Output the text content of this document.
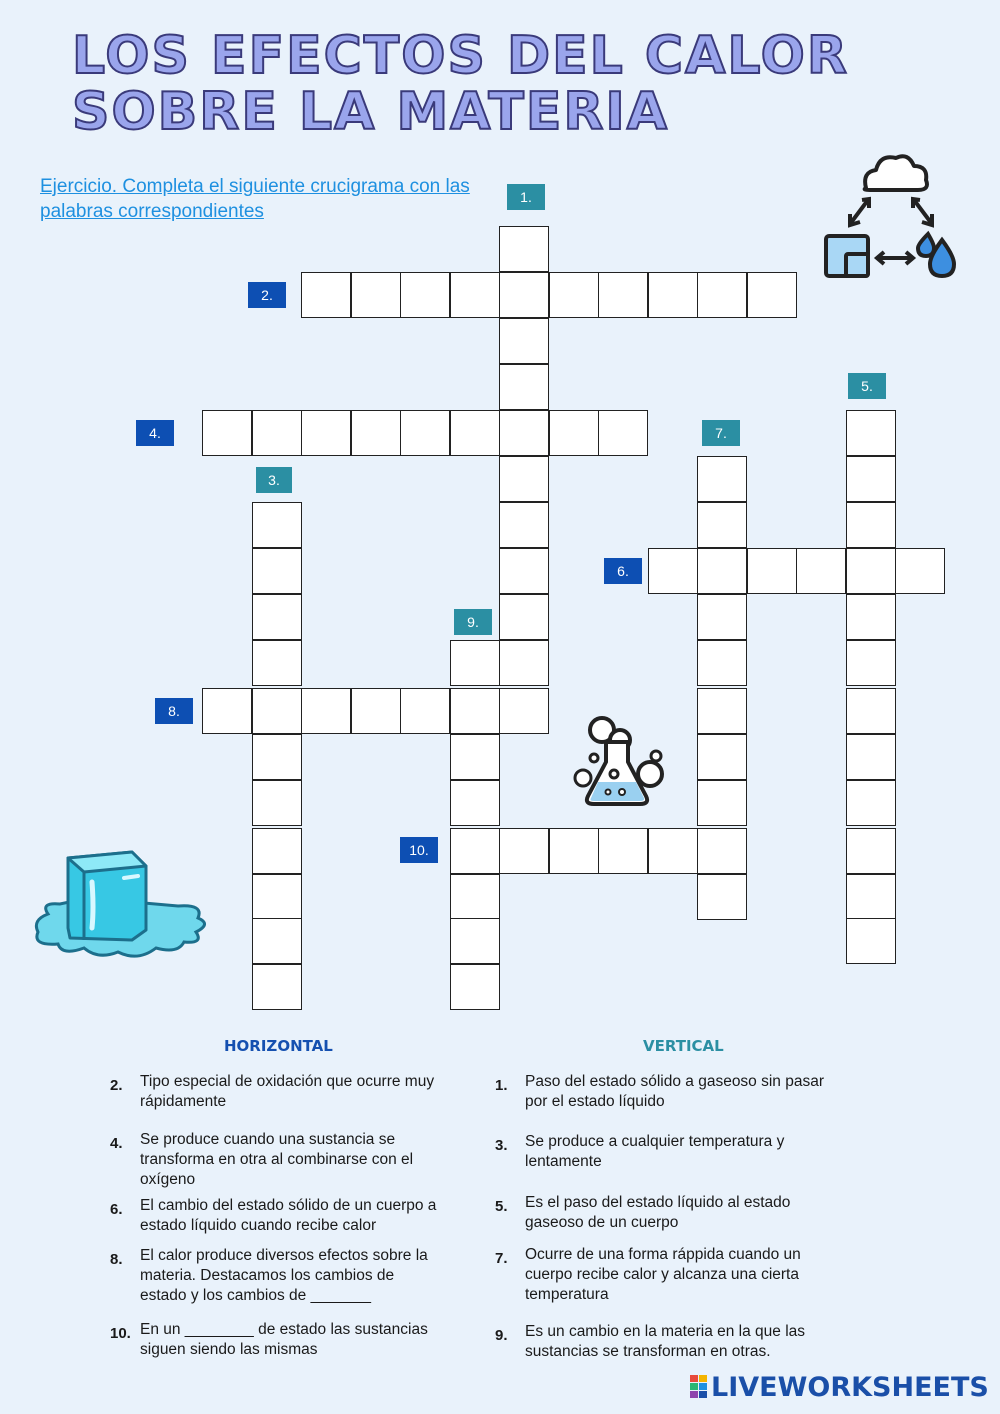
LOS EFECTOS DEL CALOR SOBRE LA MATERIA
Ejercicio. Completa el siguiente crucigrama con las palabras correspondientes
1.
2.
3.
4.
5.
6.
7.
8.
9.
10.
HORIZONTAL	VERTICAL
2. Tipo especial de oxidación que ocurre muy rápidamente
4. Se produce cuando una sustancia se transforma en otra al combinarse con el oxígeno
6. El cambio del estado sólido de un cuerpo a estado líquido cuando recibe calor
8. El calor produce diversos efectos sobre la materia. Destacamos los cambios de estado y los cambios de _______
10. En un ________ de estado las sustancias siguen siendo las mismas
1. Paso del estado sólido a gaseoso sin pasar por el estado líquido
3. Se produce a cualquier temperatura y lentamente
5. Es el paso del estado líquido al estado gaseoso de un cuerpo
7. Ocurre de una forma ráppida cuando un cuerpo recibe calor y alcanza una cierta temperatura
9. Es un cambio en la materia en la que las sustancias se transforman en otras.
LIVEWORKSHEETS
